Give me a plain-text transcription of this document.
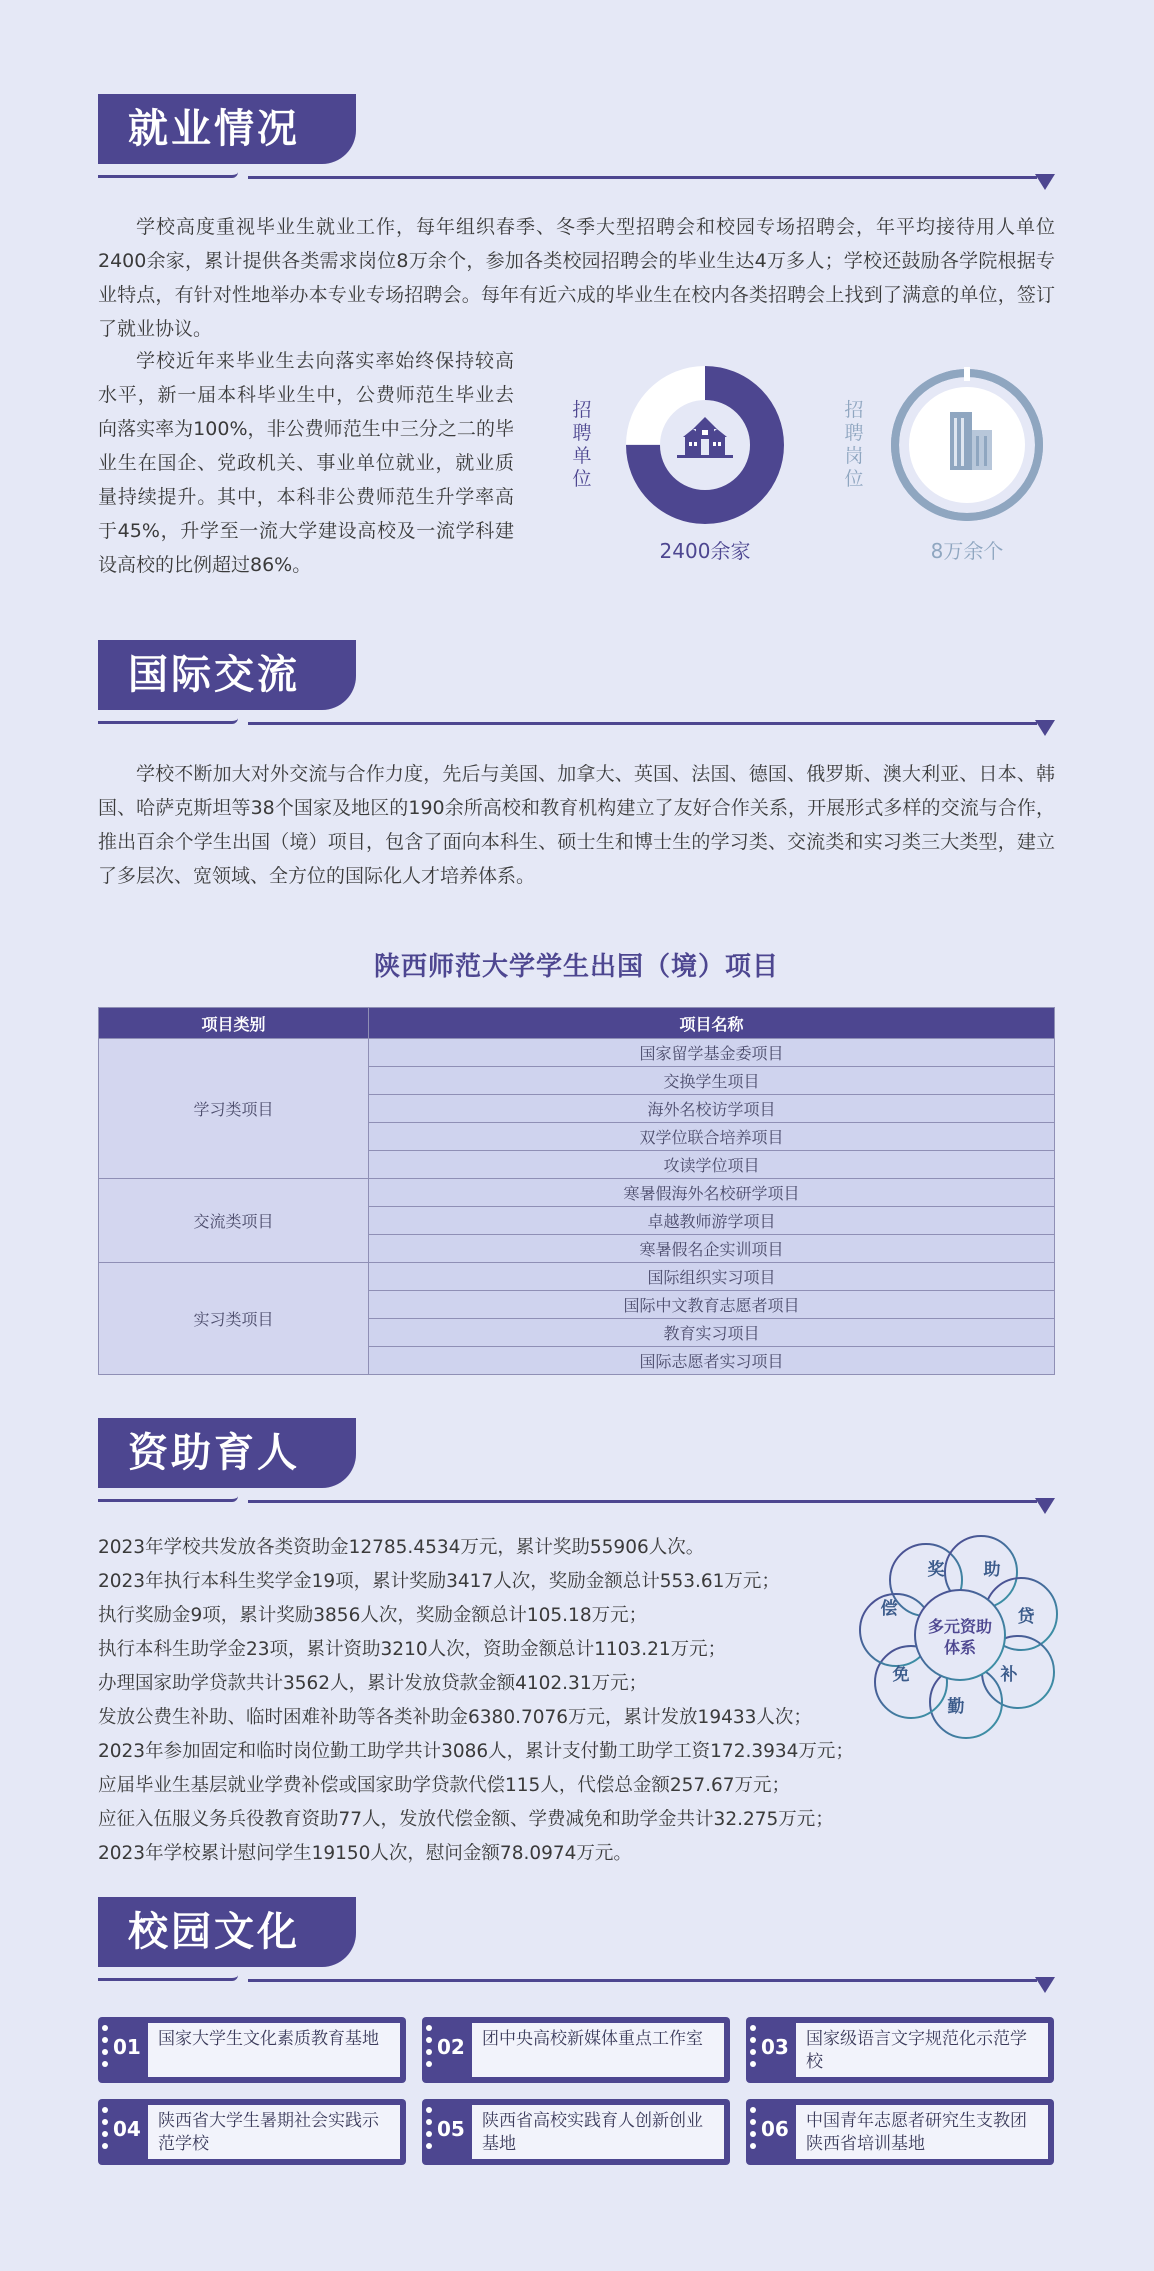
就业情况

学校高度重视毕业生就业工作，每年组织春季、冬季大型招聘会和校园专场招聘会，年平均接待用人单位2400余家，累计提供各类需求岗位8万余个，参加各类校园招聘会的毕业生达4万多人；学校还鼓励各学院根据专业特点，有针对性地举办本专业专场招聘会。每年有近六成的毕业生在校内各类招聘会上找到了满意的单位，签订了就业协议。

学校近年来毕业生去向落实率始终保持较高水平，新一届本科毕业生中，公费师范生毕业去向落实率为100%，非公费师范生中三分之二的毕业生在国企、党政机关、事业单位就业，就业质量持续提升。其中，本科非公费师范生升学率高于45%，升学至一流大学建设高校及一流学科建设高校的比例超过86%。

招聘单位
2400余家
招聘岗位
8万余个
国际交流

学校不断加大对外交流与合作力度，先后与美国、加拿大、英国、法国、德国、俄罗斯、澳大利亚、日本、韩国、哈萨克斯坦等38个国家及地区的190余所高校和教育机构建立了友好合作关系，开展形式多样的交流与合作，推出百余个学生出国（境）项目，包含了面向本科生、硕士生和博士生的学习类、交流类和实习类三大类型，建立了多层次、宽领域、全方位的国际化人才培养体系。

陕西师范大学学生出国（境）项目
项目类别	项目名称
学习类项目	国家留学基金委项目
	交换学生项目
	海外名校访学项目
	双学位联合培养项目
	攻读学位项目
交流类项目	寒暑假海外名校研学项目
	卓越教师游学项目
	寒暑假名企实训项目
实习类项目	国际组织实习项目
	国际中文教育志愿者项目
	教育实习项目
	国际志愿者实习项目
资助育人
2023年学校共发放各类资助金12785.4534万元，累计奖助55906人次。
2023年执行本科生奖学金19项，累计奖励3417人次，奖励金额总计553.61万元；
执行奖励金9项，累计奖励3856人次，奖励金额总计105.18万元；
执行本科生助学金23项，累计资助3210人次，资助金额总计1103.21万元；
办理国家助学贷款共计3562人，累计发放贷款金额4102.31万元；
发放公费生补助、临时困难补助等各类补助金6380.7076万元，累计发放19433人次；
2023年参加固定和临时岗位勤工助学共计3086人，累计支付勤工助学工资172.3934万元；
应届毕业生基层就业学费补偿或国家助学贷款代偿115人，代偿总金额257.67万元；
应征入伍服义务兵役教育资助77人，发放代偿金额、学费减免和助学金共计32.275万元；
2023年学校累计慰问学生19150人次，慰问金额78.0974万元。
多元资助
体系
奖 助
贷
补
勤
免
偿
校园文化
01	国家大学生文化素质教育基地	02	团中央高校新媒体重点工作室	03	国家级语言文字规范化示范学校
04	陕西省大学生暑期社会实践示范学校
05	陕西省高校实践育人创新创业基地
06	中国青年志愿者研究生支教团陕西省培训基地
